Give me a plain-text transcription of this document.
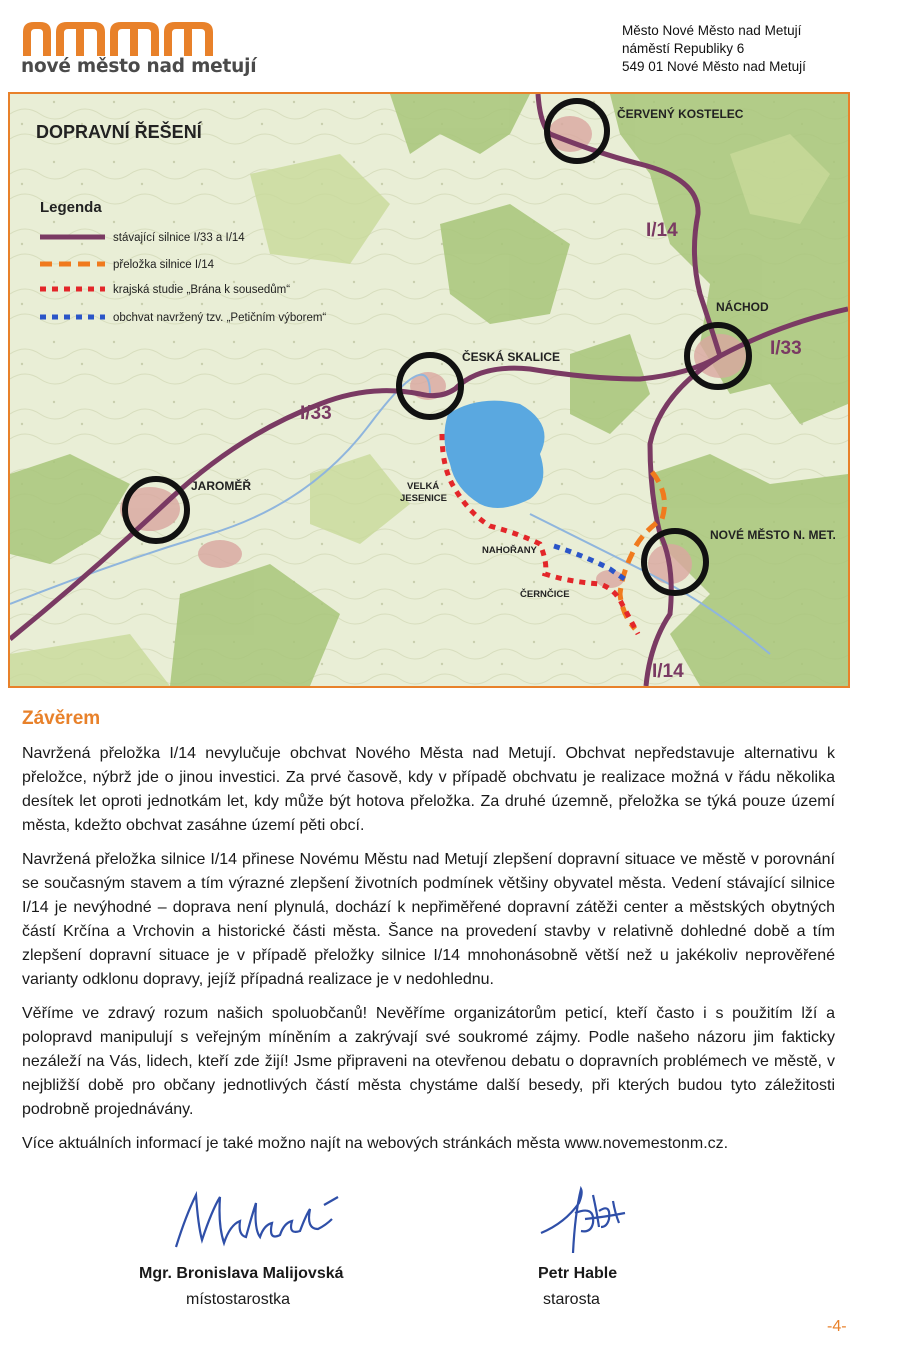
nové město nad metují
Město Nové Město nad Metují
náměstí Republiky 6
549 01 Nové Město nad Metují
DOPRAVNÍ ŘEŠENÍ
Legenda
stávající silnice I/33 a I/14
přeložka silnice I/14
krajská studie „Brána k sousedům“
obchvat navržený tzv. „Petičním výborem“
ČERVENÝ KOSTELEC
NÁCHOD
ČESKÁ SKALICE
JAROMĚŘ
NOVÉ MĚSTO N. MET.
VELKÁ
JESENICE
NAHOŘANY
ČERNČICE
I/14
I/33
I/33
I/14
Závěrem

Navržená přeložka I/14 nevylučuje obchvat Nového Města nad Metují. Obchvat nepředstavuje alternativu k přeložce, nýbrž jde o jinou investici. Za prvé časově, kdy v případě obchvatu je realizace možná v řádu několika desítek let oproti jednotkám let, kdy může být hotova přeložka. Za druhé územně, přeložka se týká pouze území města, kdežto obchvat zasáhne území pěti obcí.

Navržená přeložka silnice I/14 přinese Novému Městu nad Metují zlepšení dopravní situace ve městě v porovnání se současným stavem a tím výrazné zlepšení životních podmínek většiny obyvatel města. Vedení stávající silnice I/14 je nevýhodné – doprava není plynulá, dochází k nepřiměřené dopravní zátěži center a městských obytných částí Krčína a Vrchovin a historické části města. Šance na provedení stavby v relativně dohledné době a tím zlepšení dopravní situace je v případě přeložky silnice I/14 mnohonásobně větší než u jakékoliv neprověřené varianty odklonu dopravy, jejíž případná realizace je v nedohlednu.

Věříme ve zdravý rozum našich spoluobčanů! Nevěříme organizátorům peticí, kteří často i s použitím lží a polopravd manipulují s veřejným míněním a zakrývají své soukromé zájmy. Podle našeho názoru jim fakticky nezáleží na Vás, lidech, kteří zde žijí! Jsme připraveni na otevřenou debatu o dopravních problémech ve městě, v nejbližší době pro občany jednotlivých částí města chystáme další besedy, při kterých budou tyto záležitosti podrobně projednávány.

Více aktuálních informací je také možno najít na webových stránkách města www.novemestonm.cz.

Mgr. Bronislava Malijovská
místostarostka
Petr Hable
starosta
-4-
